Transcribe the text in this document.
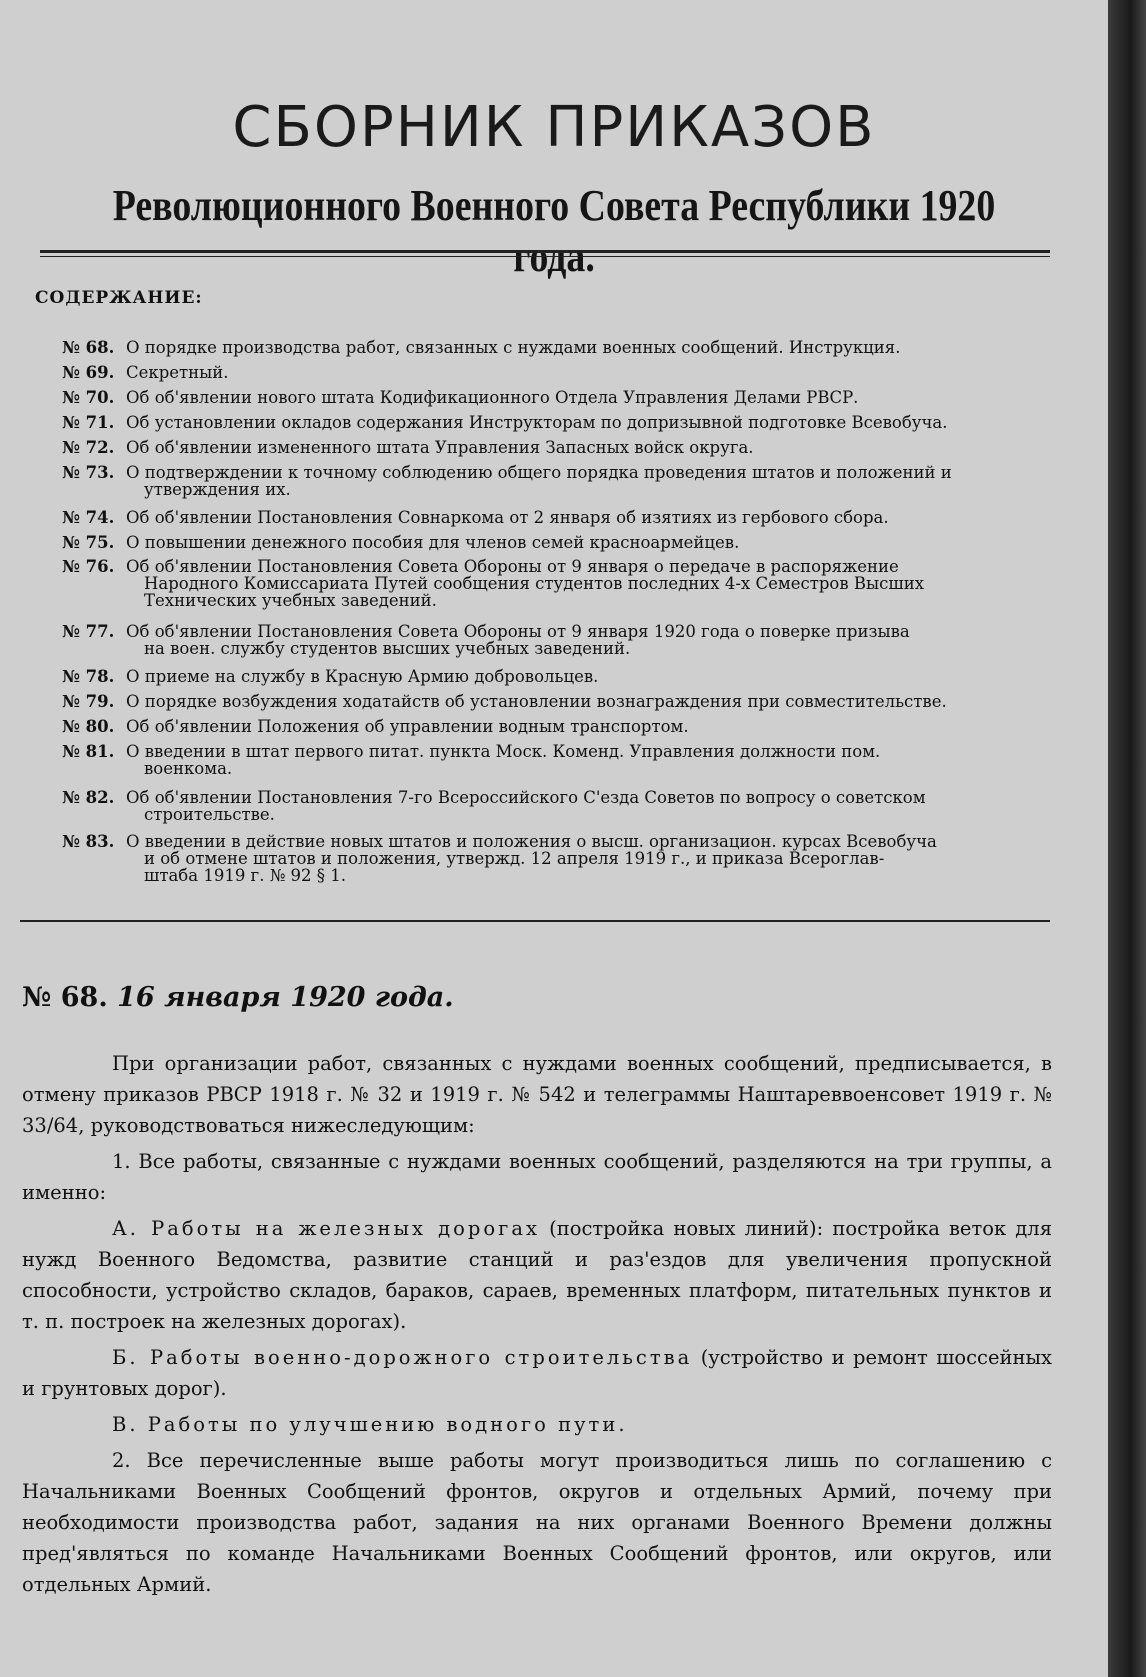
СБОРНИК ПРИКАЗОВ
Революционного Военного Совета Республики 1920
СОДЕРЖАНИЕ:
№ 68. О порядке производства работ, связанных с нуждами военных сообщений. Инструкция.
№ 69. Секретный.
№ 70. Об об'явлении нового штата Кодификационного Отдела Управления Делами РВСР.
№ 71. Об установлении окладов содержания Инструкторам по допризывной подготовке Всевобуча.
№ 72. Об об'явлении измененного штата Управления Запасных войск округа.
№ 73. О подтверждении к точному соблюдению общего порядка проведения штатов и положений и
утверждения их.
№ 74. Об об'явлении Постановления Совнаркома от 2 января об изятиях из гербового сбора.
№ 75. О повышении денежного пособия для членов семей красноармейцев.
№ 76. Об об'явлении Постановления Совета Обороны от 9 января о передаче в распоряжение
Народного Комиссариата Путей сообщения студентов последних 4-х Семестров Высших
Технических учебных заведений.
№ 77. Об об'явлении Постановления Совета Обороны от 9 января 1920 года о поверке призыва
на воен. службу студентов высших учебных заведений.
№ 78. О приеме на службу в Красную Армию добровольцев.
№ 79. О порядке возбуждения ходатайств об установлении вознаграждения при совместительстве.
№ 80. Об об'явлении Положения об управлении водным транспортом.
№ 81. О введении в штат первого питат. пункта Моск. Коменд. Управления должности пом.
военкома.
№ 82. Об об'явлении Постановления 7-го Всероссийского С'езда Советов по вопросу о советском
строительстве.
№ 83. О введении в действие новых штатов и положения о высш. организацион. курсах Всевобуча
и об отмене штатов и положения, утвержд. 12 апреля 1919 г., и приказа Всероглав-
штаба 1919 г. № 92 § 1.
№ 68. 16 января 1920 года.

При организации работ, связанных с нуждами военных сообщений, предписывается, в отмену приказов РВСР 1918 г. № 32 и 1919 г. № 542 и телеграммы Наштареввоенсовет 1919 г. № 33/64, руководствоваться нижеследующим:

1. Все работы, связанные с нуждами военных сообщений, разделяются на три группы, а именно:

А. Работы на железных дорогах (постройка новых линий): постройка веток для нужд Военного Ведомства, развитие станций и раз'ездов для увеличения пропускной способности, устройство складов, бараков, сараев, временных платформ, питательных пунктов и т. п. построек на железных дорогах).

Б. Работы военно-дорожного строительства (устройство и ремонт шоссейных и грунтовых дорог).

В. Работы по улучшению водного пути.

2. Все перечисленные выше работы могут производиться лишь по соглашению с Начальниками Военных Сообщений фронтов, округов и отдельных Армий, почему при необходимости производства работ, задания на них органами Военного Времени должны пред'являться по команде Начальниками Военных Сообщений фронтов, или округов, или отдельных Армий.
